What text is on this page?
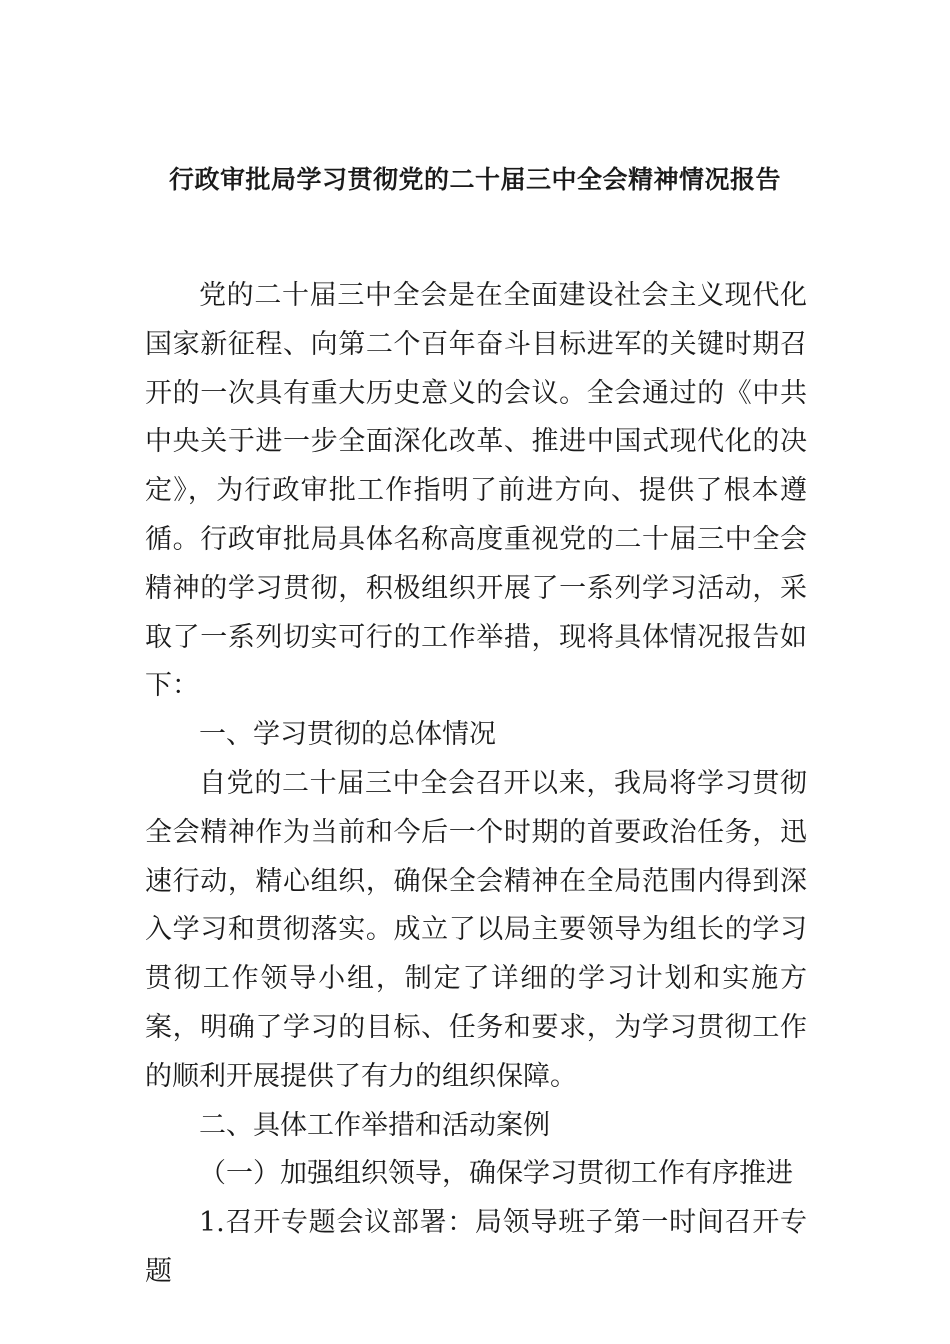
行政审批局学习贯彻党的二十届三中全会精神情况报告

党的二十届三中全会是在全面建设社会主义现代化国家新征程、向第二个百年奋斗目标进军的关键时期召开的一次具有重大历史意义的会议。全会通过的《中共中央关于进一步全面深化改革、推进中国式现代化的决定》，为行政审批工作指明了前进方向、提供了根本遵循。行政审批局具体名称高度重视党的二十届三中全会精神的学习贯彻，积极组织开展了一系列学习活动，采取了一系列切实可行的工作举措，现将具体情况报告如下：

一、学习贯彻的总体情况

自党的二十届三中全会召开以来，我局将学习贯彻全会精神作为当前和今后一个时期的首要政治任务，迅速行动，精心组织，确保全会精神在全局范围内得到深入学习和贯彻落实。成立了以局主要领导为组长的学习贯彻工作领导小组，制定了详细的学习计划和实施方案，明确了学习的目标、任务和要求，为学习贯彻工作的顺利开展提供了有力的组织保障。

二、具体工作举措和活动案例

（一）加强组织领导，确保学习贯彻工作有序推进

1.召开专题会议部署：局领导班子第一时间召开专题
